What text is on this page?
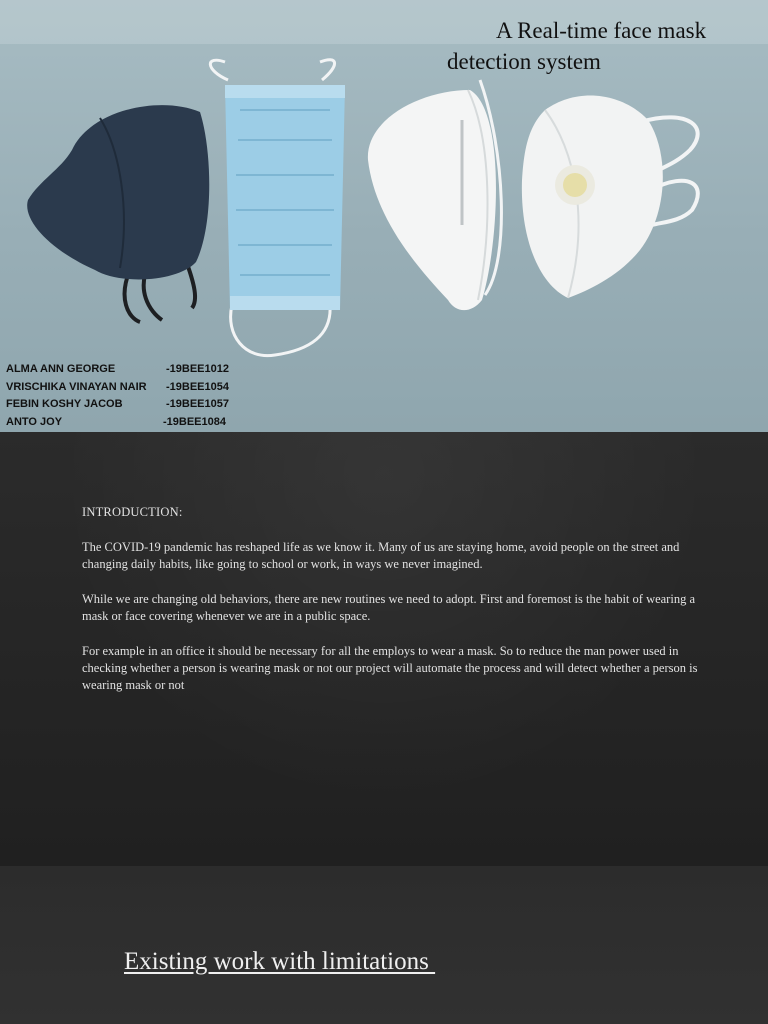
A Real-time face mask
detection system
ALMA ANN GEORGE	-19BEE1012
VRISCHIKA VINAYAN NAIR -19BEE1054
FEBIN KOSHY JACOB	-19BEE1057
ANTO JOY	-19BEE1084

INTRODUCTION:

The COVID-19 pandemic has reshaped life as we know it. Many of us are staying home, avoid people on the street and changing daily habits, like going to school or work, in ways we never imagined.

While we are changing old behaviors, there are new routines we need to adopt. First and foremost is the habit of wearing a mask or face covering whenever we are in a public space.

For example in an office it should be necessary for all the employs to wear a mask. So to reduce the man power used in checking whether a person is wearing mask or not our project will automate the process and will detect whether a person is wearing mask or not

Existing work with limitations
